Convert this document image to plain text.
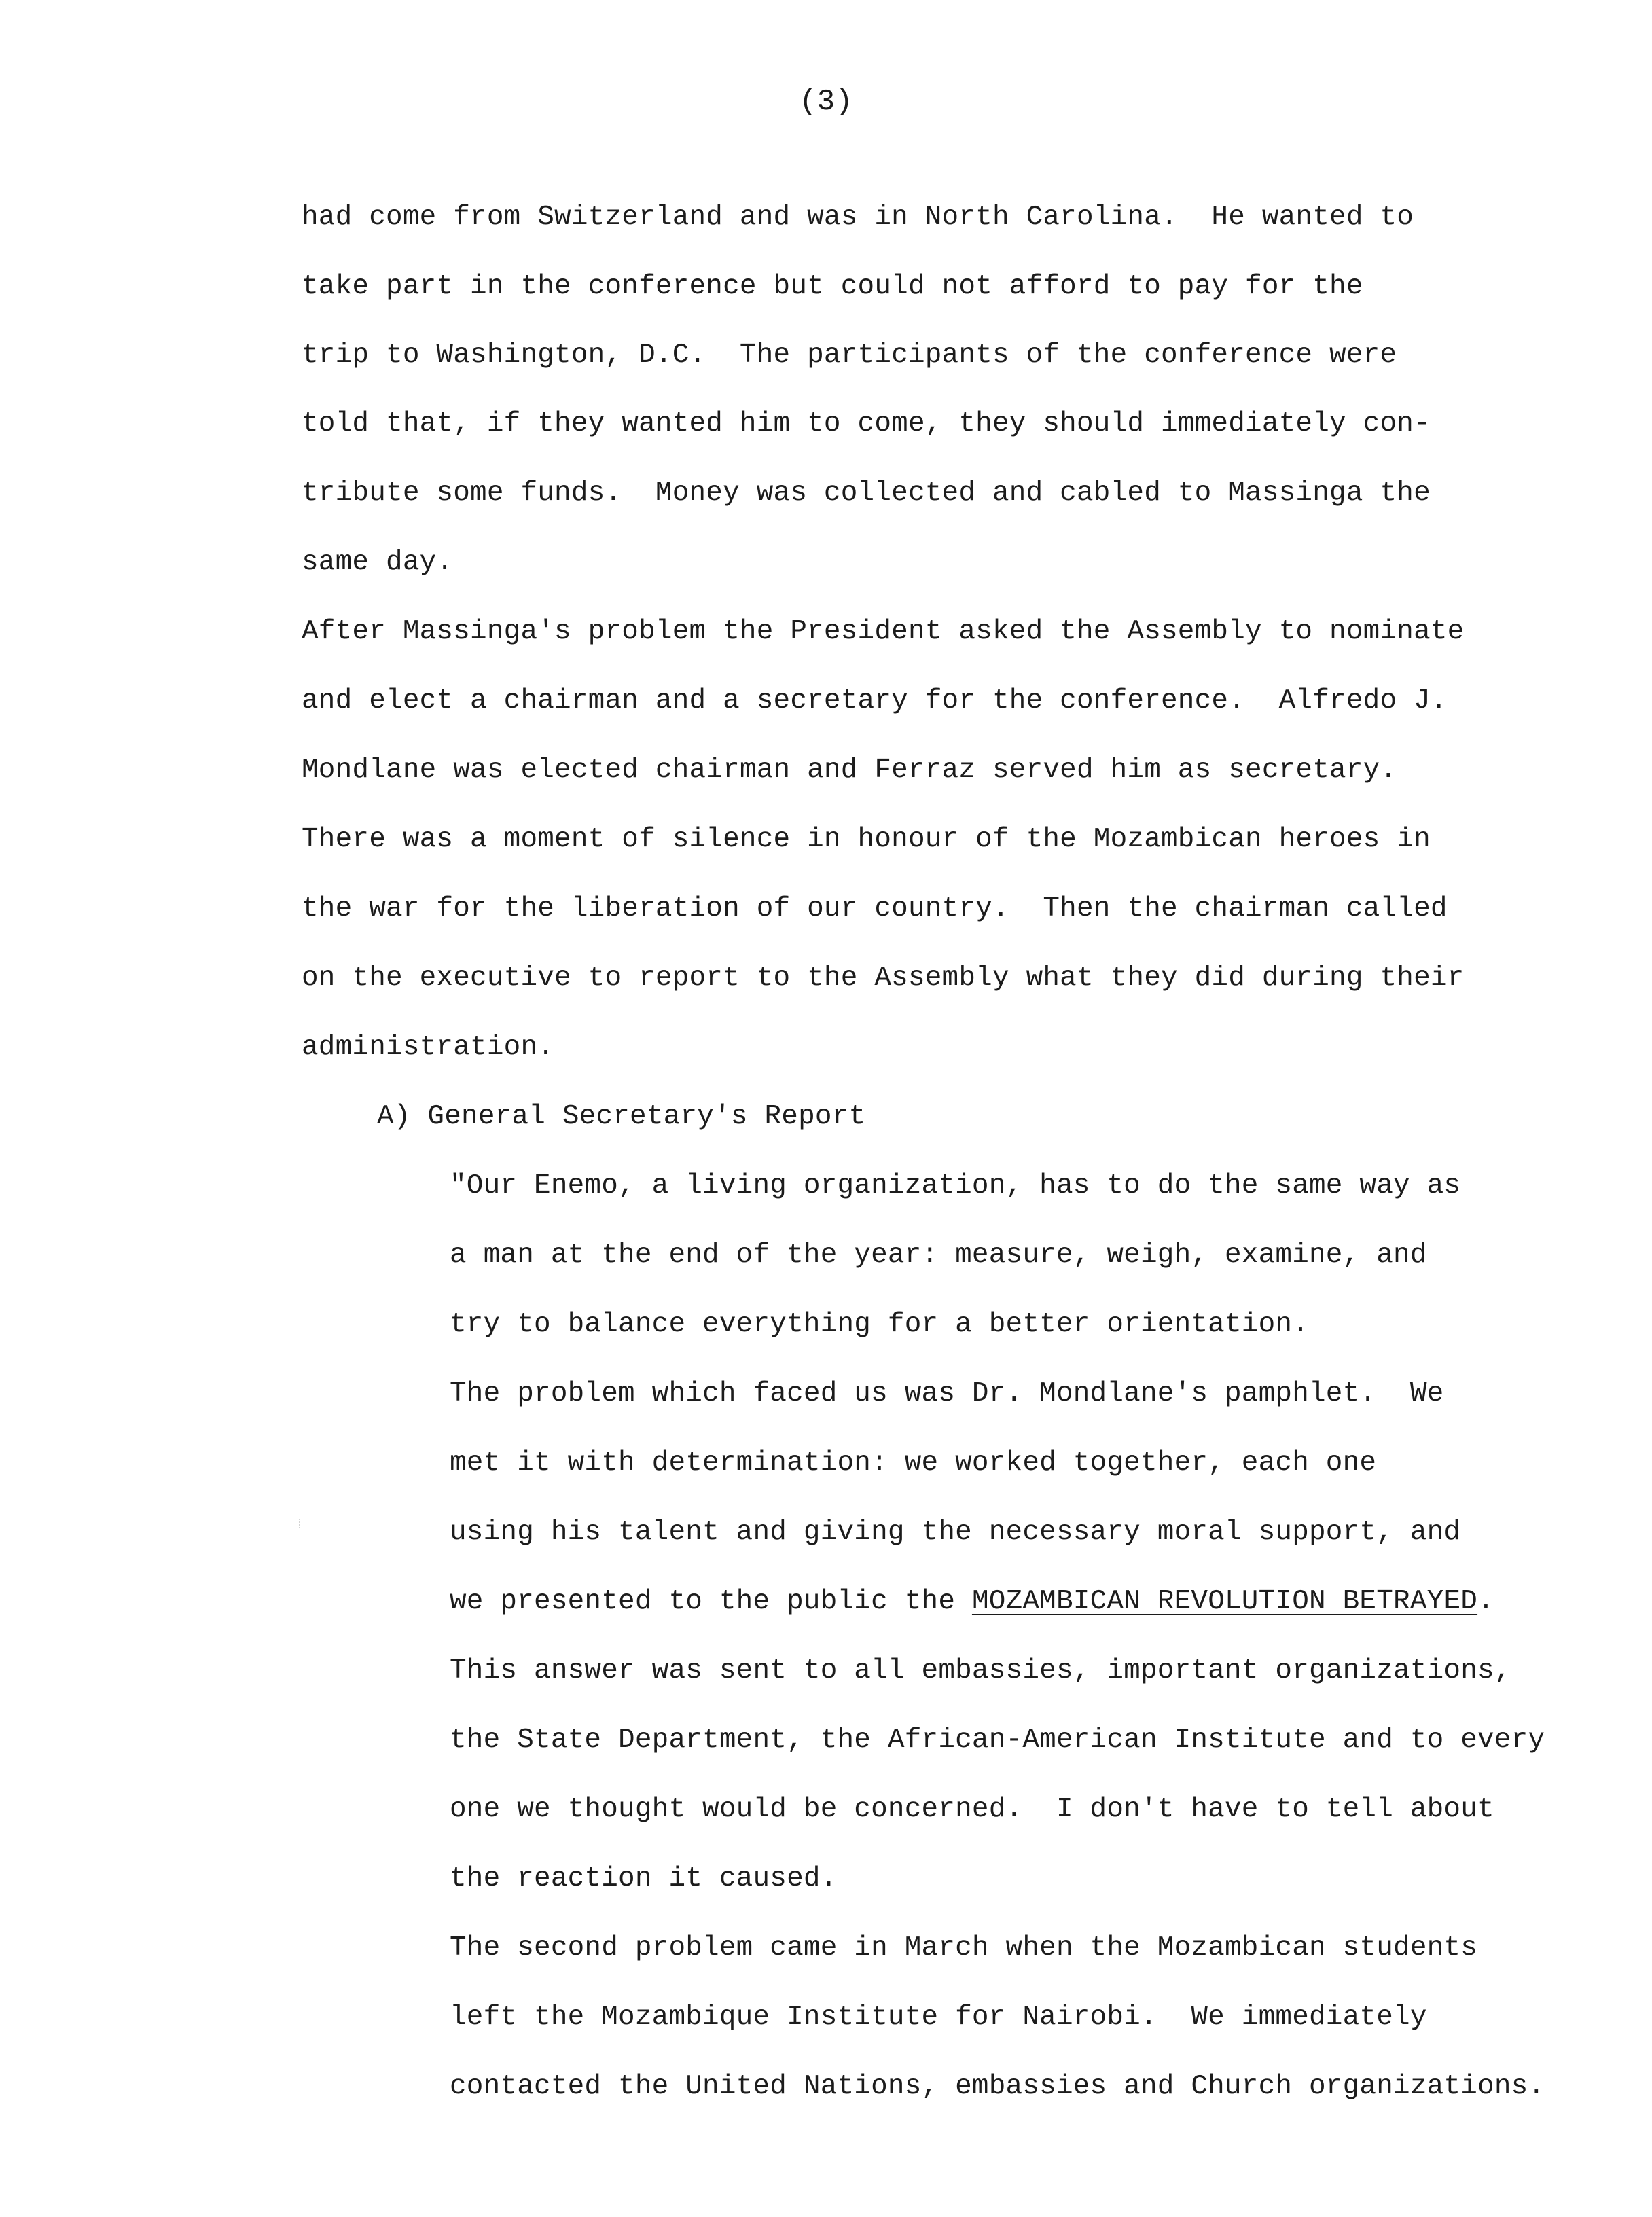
(3)
had come from Switzerland and was in North Carolina.  He wanted to
take part in the conference but could not afford to pay for the
trip to Washington, D.C.  The participants of the conference were
told that, if they wanted him to come, they should immediately con-
tribute some funds.  Money was collected and cabled to Massinga the
same day.
After Massinga's problem the President asked the Assembly to nominate
and elect a chairman and a secretary for the conference.  Alfredo J.
Mondlane was elected chairman and Ferraz served him as secretary.
There was a moment of silence in honour of the Mozambican heroes in
the war for the liberation of our country.  Then the chairman called
on the executive to report to the Assembly what they did during their
administration.
A) General Secretary's Report
"Our Enemo, a living organization, has to do the same way as
a man at the end of the year: measure, weigh, examine, and
try to balance everything for a better orientation.
The problem which faced us was Dr. Mondlane's pamphlet.  We
met it with determination: we worked together, each one
using his talent and giving the necessary moral support, and
we presented to the public the MOZAMBICAN REVOLUTION BETRAYED.
This answer was sent to all embassies, important organizations,
the State Department, the African-American Institute and to every
one we thought would be concerned.  I don't have to tell about
the reaction it caused.
The second problem came in March when the Mozambican students
left the Mozambique Institute for Nairobi.  We immediately
contacted the United Nations, embassies and Church organizations.
